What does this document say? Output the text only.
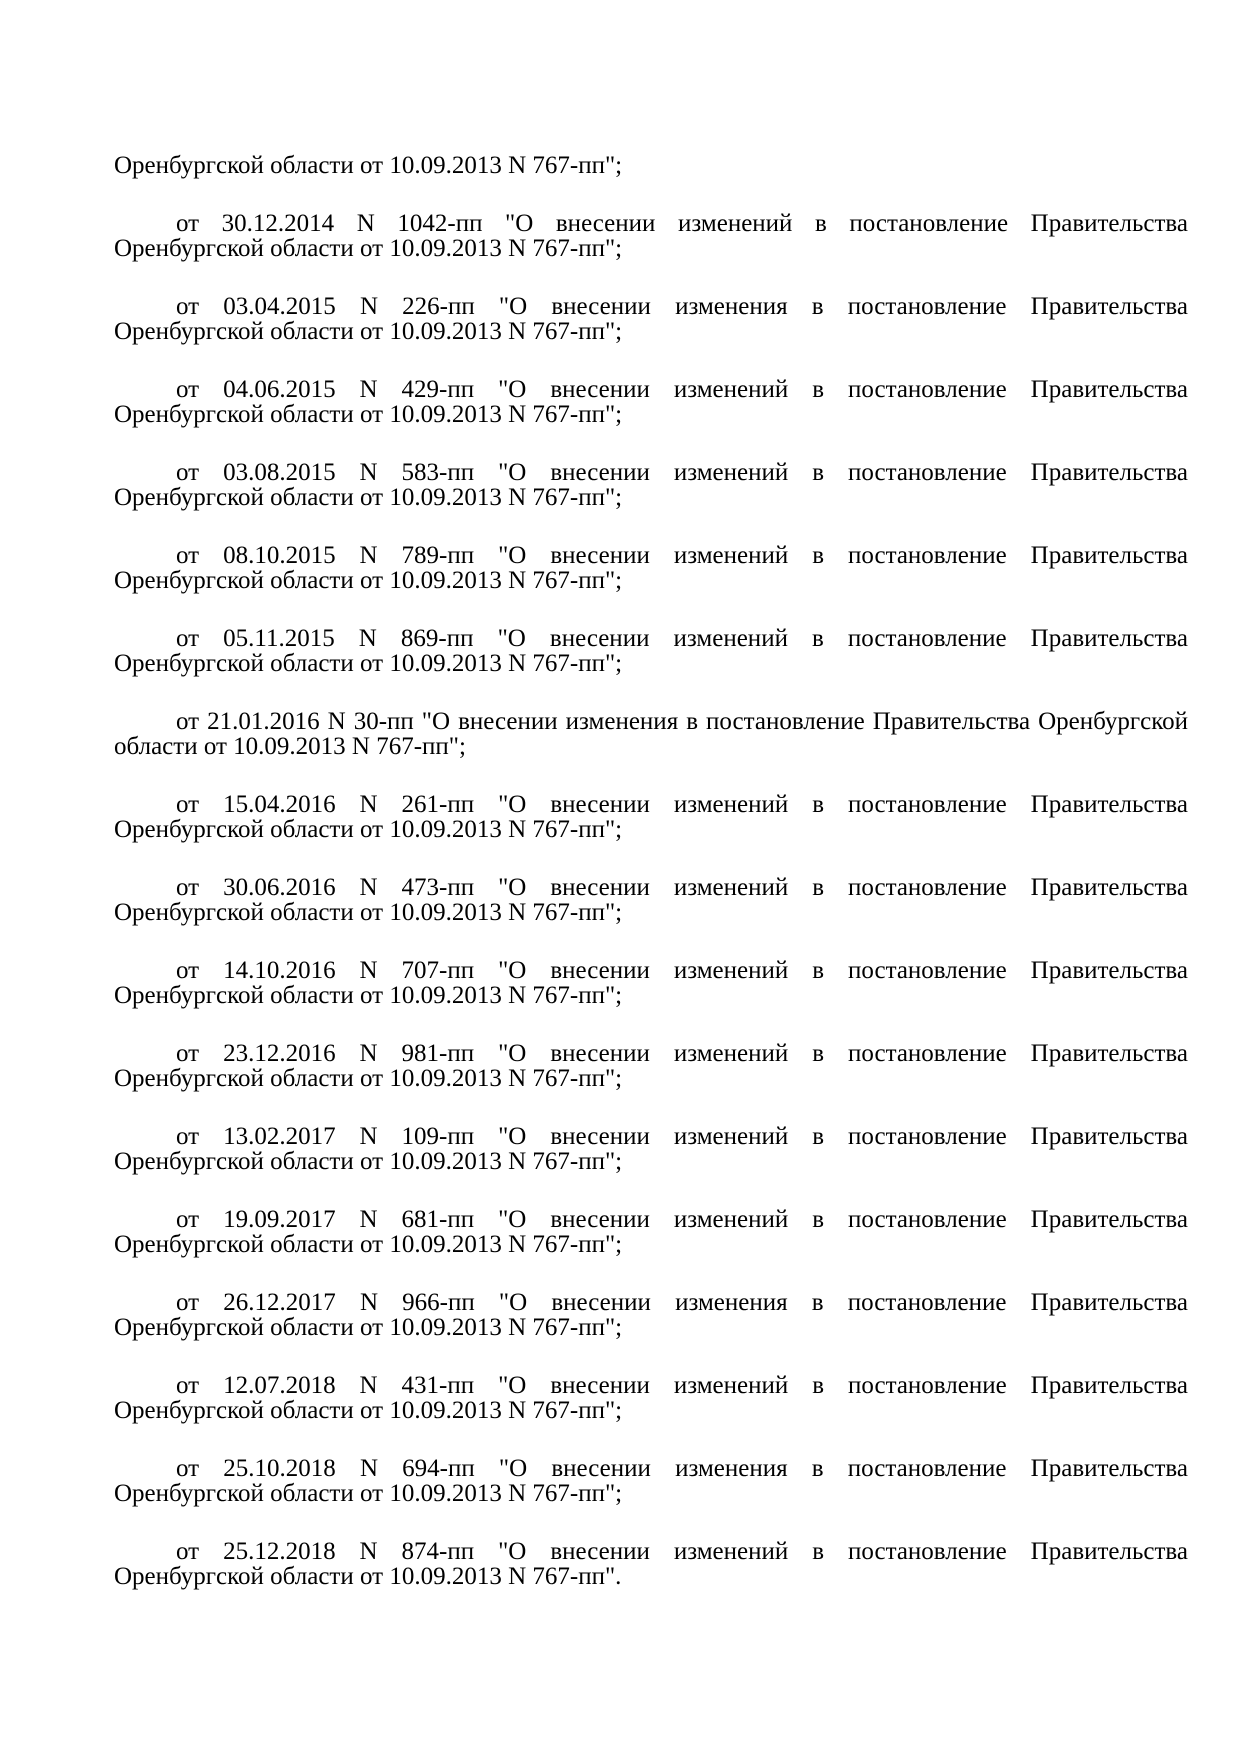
Оренбургской области от 10.09.2013 N 767-пп";

от 30.12.2014 N 1042-пп "О внесении изменений в постановление Правительства
Оренбургской области от 10.09.2013 N 767-пп";

от 03.04.2015 N 226-пп "О внесении изменения в постановление Правительства
Оренбургской области от 10.09.2013 N 767-пп";

от 04.06.2015 N 429-пп "О внесении изменений в постановление Правительства
Оренбургской области от 10.09.2013 N 767-пп";

от 03.08.2015 N 583-пп "О внесении изменений в постановление Правительства
Оренбургской области от 10.09.2013 N 767-пп";

от 08.10.2015 N 789-пп "О внесении изменений в постановление Правительства
Оренбургской области от 10.09.2013 N 767-пп";

от 05.11.2015 N 869-пп "О внесении изменений в постановление Правительства
Оренбургской области от 10.09.2013 N 767-пп";

от 21.01.2016 N 30-пп "О внесении изменения в постановление Правительства Оренбургской
области от 10.09.2013 N 767-пп";

от 15.04.2016 N 261-пп "О внесении изменений в постановление Правительства
Оренбургской области от 10.09.2013 N 767-пп";

от 30.06.2016 N 473-пп "О внесении изменений в постановление Правительства
Оренбургской области от 10.09.2013 N 767-пп";

от 14.10.2016 N 707-пп "О внесении изменений в постановление Правительства
Оренбургской области от 10.09.2013 N 767-пп";

от 23.12.2016 N 981-пп "О внесении изменений в постановление Правительства
Оренбургской области от 10.09.2013 N 767-пп";

от 13.02.2017 N 109-пп "О внесении изменений в постановление Правительства
Оренбургской области от 10.09.2013 N 767-пп";

от 19.09.2017 N 681-пп "О внесении изменений в постановление Правительства
Оренбургской области от 10.09.2013 N 767-пп";

от 26.12.2017 N 966-пп "О внесении изменения в постановление Правительства
Оренбургской области от 10.09.2013 N 767-пп";

от 12.07.2018 N 431-пп "О внесении изменений в постановление Правительства
Оренбургской области от 10.09.2013 N 767-пп";

от 25.10.2018 N 694-пп "О внесении изменения в постановление Правительства
Оренбургской области от 10.09.2013 N 767-пп";

от 25.12.2018 N 874-пп "О внесении изменений в постановление Правительства
Оренбургской области от 10.09.2013 N 767-пп".
